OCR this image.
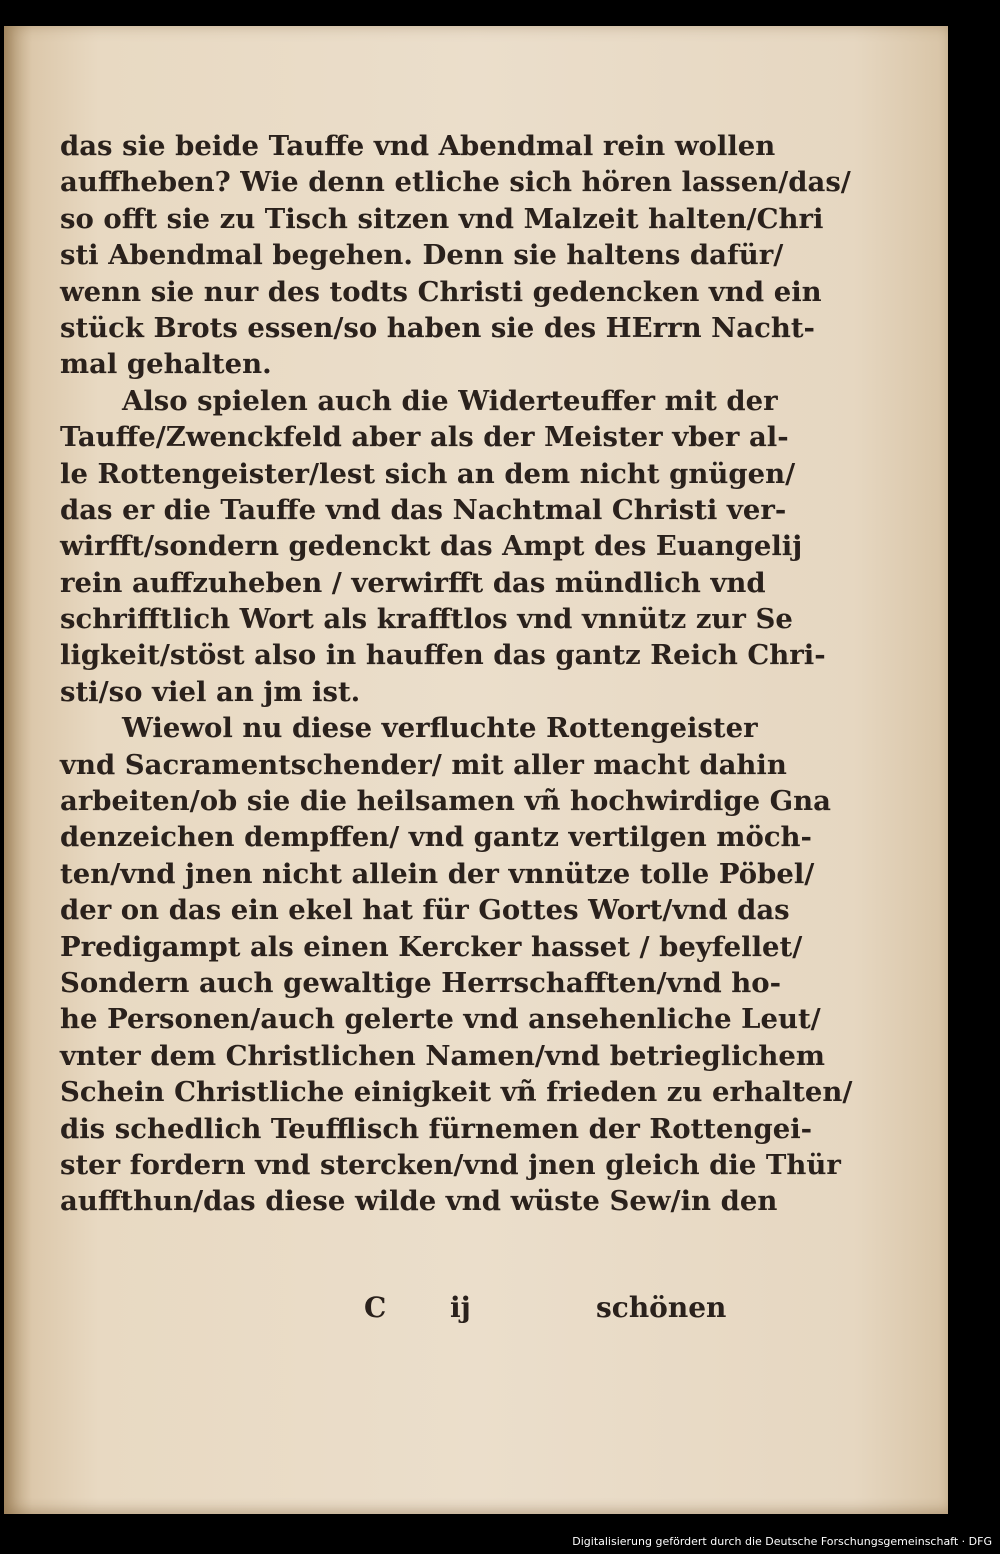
das sie beide Tauffe vnd Abendmal rein wollen
auffheben? Wie denn etliche sich hören lassen/das/
so offt sie zu Tisch sitzen vnd Malzeit halten/Chri
sti Abendmal begehen. Denn sie haltens dafür/
wenn sie nur des todts Christi gedencken vnd ein
stück Brots essen/so haben sie des HErrn Nacht-
mal gehalten.
Also spielen auch die Widerteuffer mit der
Tauffe/Zwenckfeld aber als der Meister vber al-
le Rottengeister/lest sich an dem nicht gnügen/
das er die Tauffe vnd das Nachtmal Christi ver-
wirfft/sondern gedenckt das Ampt des Euangelij
rein auffzuheben / verwirfft das mündlich vnd
schrifftlich Wort als krafftlos vnd vnnütz zur Se
ligkeit/stöst also in hauffen das gantz Reich Chri-
sti/so viel an jm ist.
Wiewol nu diese verfluchte Rottengeister
vnd Sacramentschender/ mit aller macht dahin
arbeiten/ob sie die heilsamen vñ hochwirdige Gna
denzeichen dempffen/ vnd gantz vertilgen möch-
ten/vnd jnen nicht allein der vnnütze tolle Pöbel/
der on das ein ekel hat für Gottes Wort/vnd das
Predigampt als einen Kercker hasset / beyfellet/
Sondern auch gewaltige Herrschafften/vnd ho-
he Personen/auch gelerte vnd ansehenliche Leut/
vnter dem Christlichen Namen/vnd betrieglichem
Schein Christliche einigkeit vñ frieden zu erhalten/
dis schedlich Teufflisch fürnemen der Rottengei-
ster fordern vnd stercken/vnd jnen gleich die Thür
auffthun/das diese wilde vnd wüste Sew/in den
C ij	schönen
Digitalisierung gefördert durch die Deutsche Forschungsgemeinschaft · DFG
